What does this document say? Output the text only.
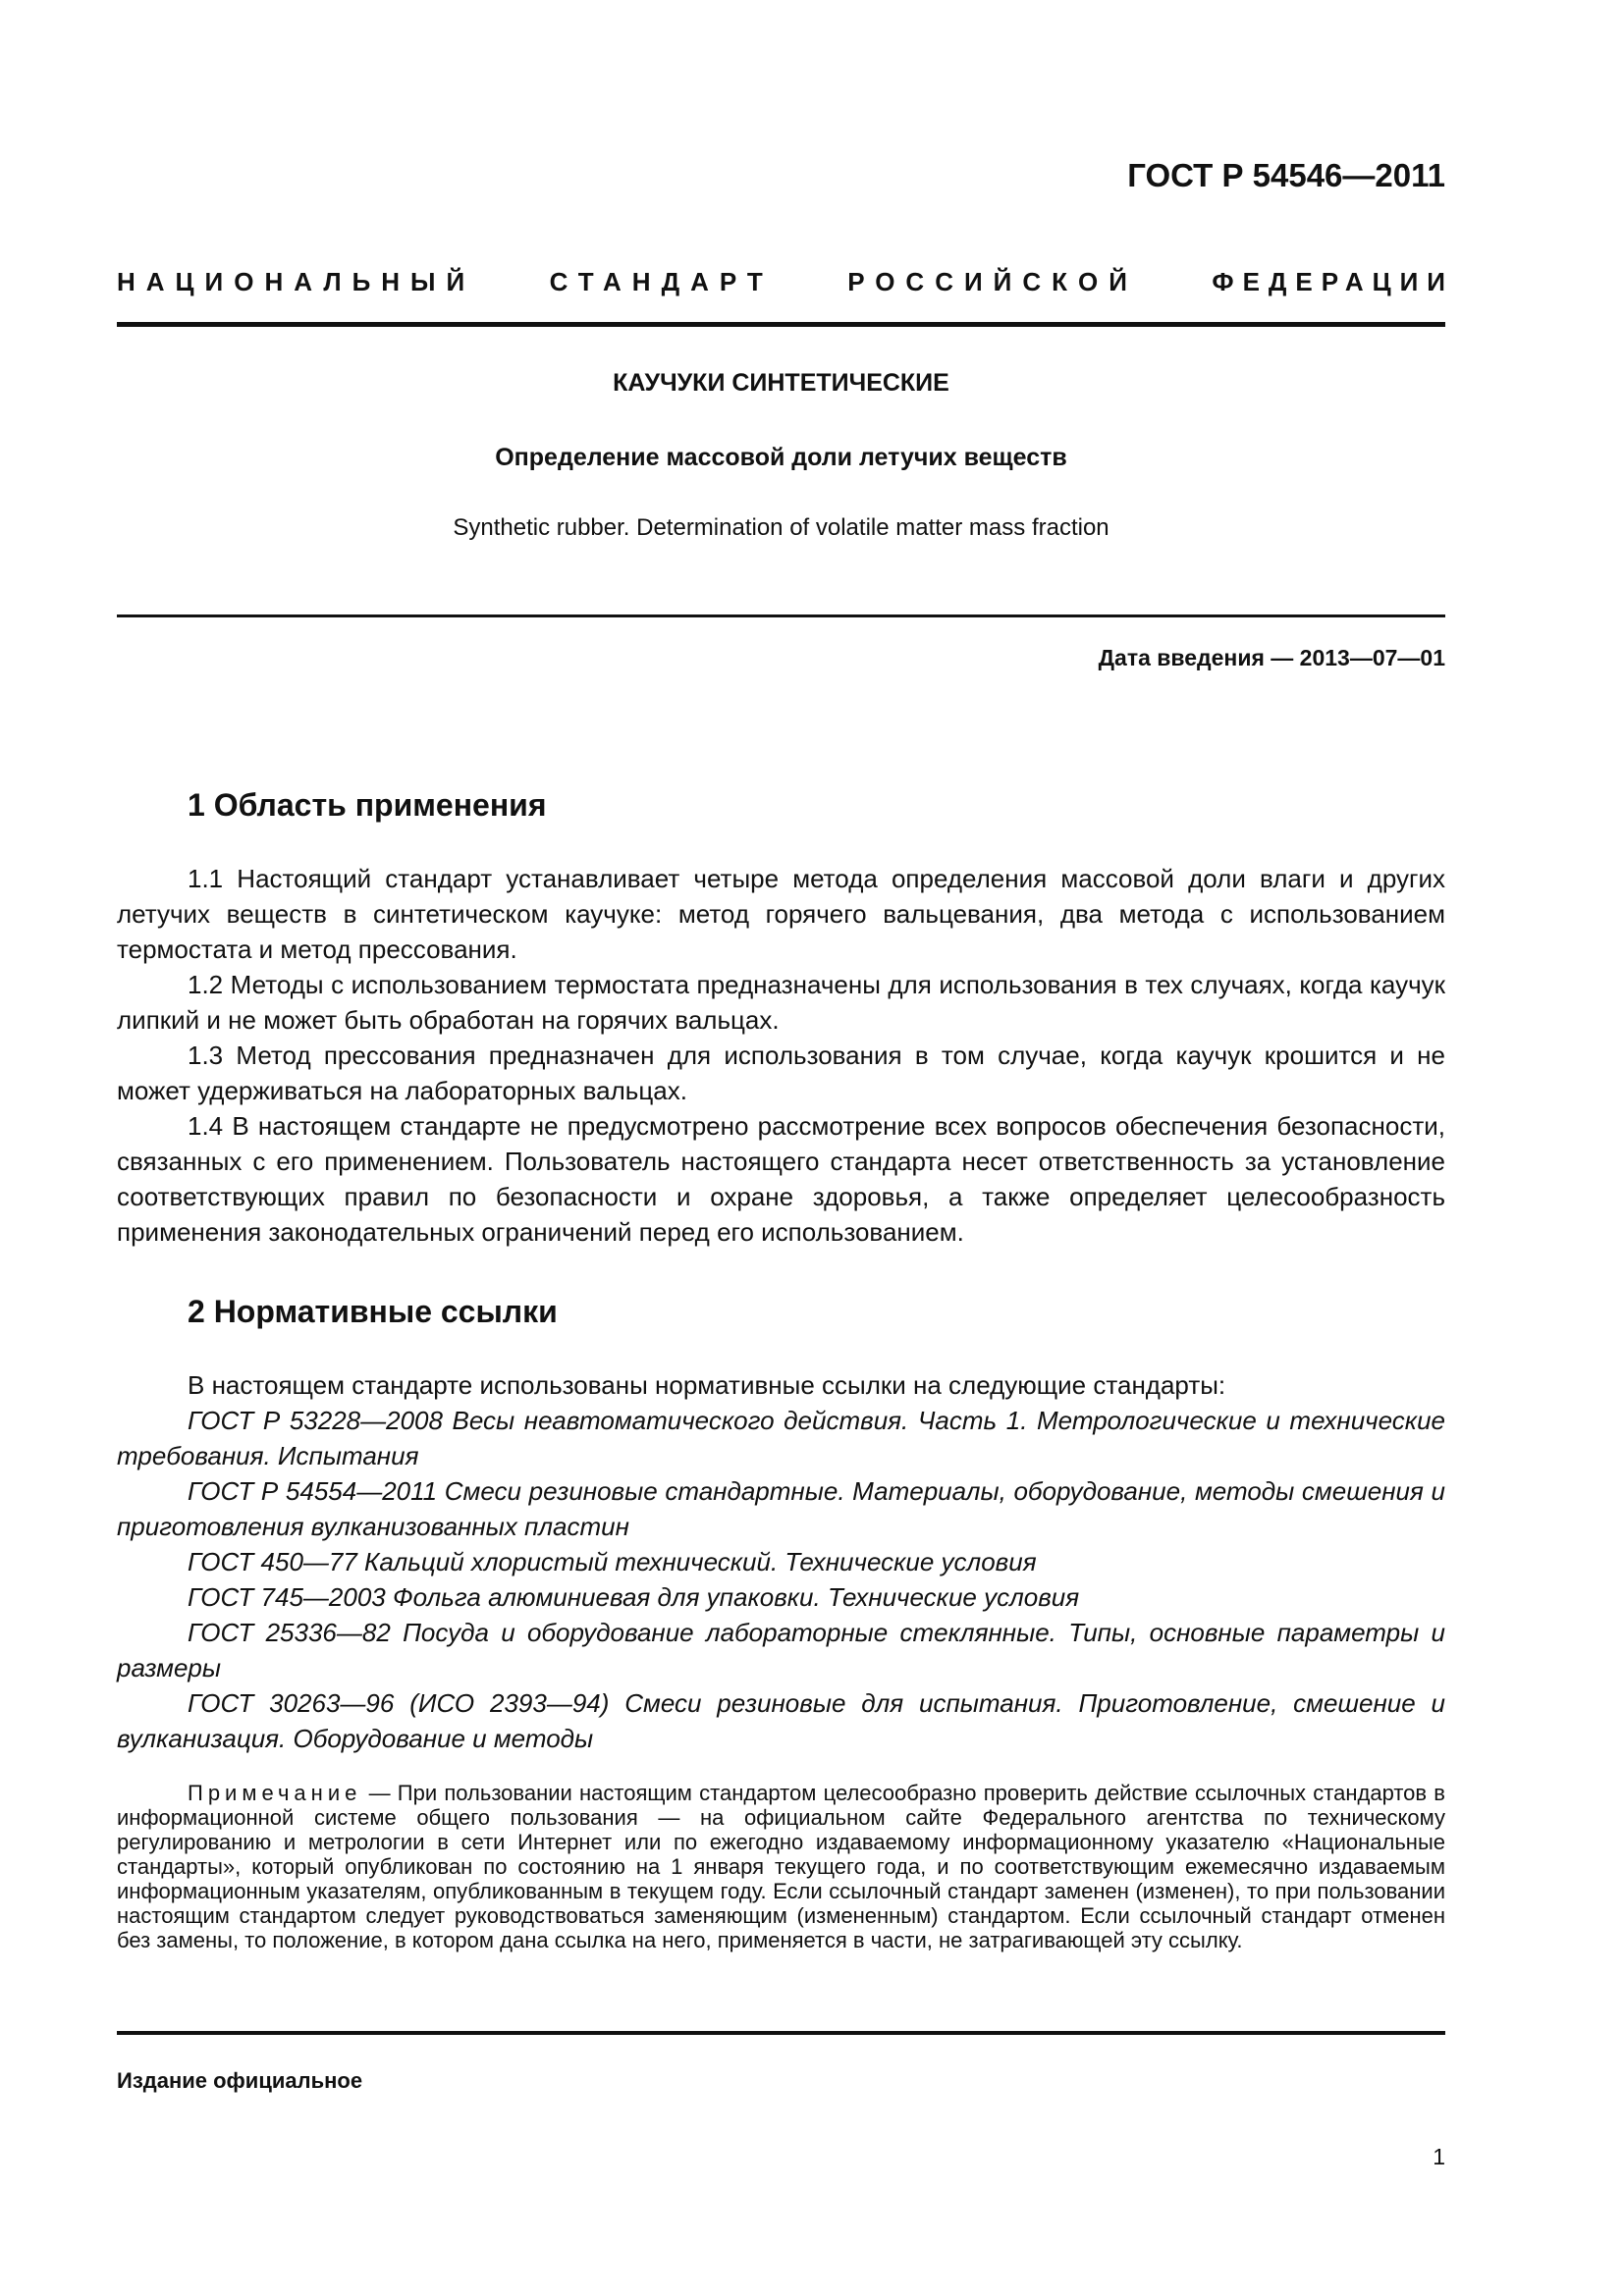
ГОСТ Р 54546—2011
НАЦИОНАЛЬНЫЙ	СТАНДАРТ	РОССИЙСКОЙ	ФЕДЕРАЦИИ
КАУЧУКИ СИНТЕТИЧЕСКИЕ
Определение массовой доли летучих веществ
Synthetic rubber. Determination of volatile matter mass fraction
Дата введения — 2013—07—01
1 Область применения
1.1 Настоящий стандарт устанавливает четыре метода определения массовой доли влаги и других летучих веществ в синтетическом каучуке: метод горячего вальцевания, два метода с использованием термостата и метод прессования.
1.2 Методы с использованием термостата предназначены для использования в тех случаях, когда каучук липкий и не может быть обработан на горячих вальцах.
1.3 Метод прессования предназначен для использования в том случае, когда каучук крошится и не может удерживаться на лабораторных вальцах.
1.4 В настоящем стандарте не предусмотрено рассмотрение всех вопросов обеспечения безопасности, связанных с его применением. Пользователь настоящего стандарта несет ответственность за установление соответствующих правил по безопасности и охране здоровья, а также определяет целесообразность применения законодательных ограничений перед его использованием.
2 Нормативные ссылки
В настоящем стандарте использованы нормативные ссылки на следующие стандарты:
ГОСТ Р 53228—2008 Весы неавтоматического действия. Часть 1. Метрологические и технические требования. Испытания
ГОСТ Р 54554—2011 Смеси резиновые стандартные. Материалы, оборудование, методы смешения и приготовления вулканизованных пластин
ГОСТ 450—77 Кальций хлористый технический. Технические условия
ГОСТ 745—2003 Фольга алюминиевая для упаковки. Технические условия
ГОСТ 25336—82 Посуда и оборудование лабораторные стеклянные. Типы, основные параметры и размеры
ГОСТ 30263—96 (ИСО 2393—94) Смеси резиновые для испытания. Приготовление, смешение и вулканизация. Оборудование и методы
Примечание — При пользовании настоящим стандартом целесообразно проверить действие ссылочных стандартов в информационной системе общего пользования — на официальном сайте Федерального агентства по техническому регулированию и метрологии в сети Интернет или по ежегодно издаваемому информационному указателю «Национальные стандарты», который опубликован по состоянию на 1 января текущего года, и по соответствующим ежемесячно издаваемым информационным указателям, опубликованным в текущем году. Если ссылочный стандарт заменен (изменен), то при пользовании настоящим стандартом следует руководствоваться заменяющим (измененным) стандартом. Если ссылочный стандарт отменен без замены, то положение, в котором дана ссылка на него, применяется в части, не затрагивающей эту ссылку.
Издание официальное
1
